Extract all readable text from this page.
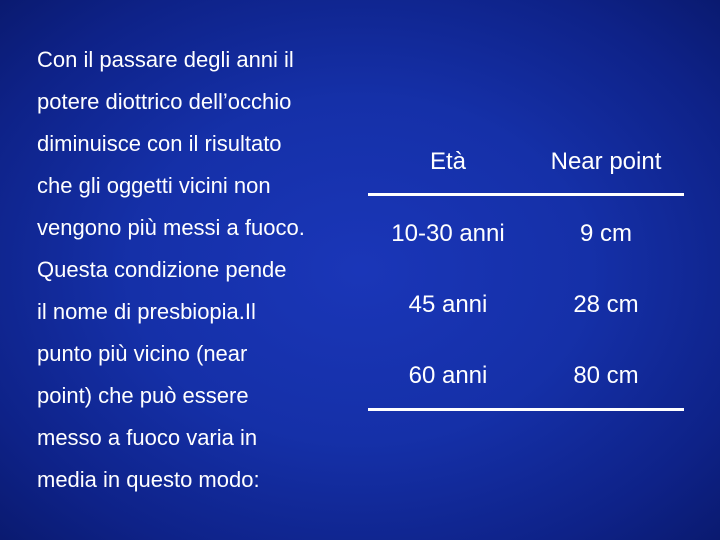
Con il passare degli anni il
potere diottrico dell’occhio
diminuisce con il risultato
che gli oggetti vicini non
vengono più messi a fuoco.
Questa condizione pende
il nome di presbiopia.Il
punto più vicino (near
point) che può essere
messo a fuoco varia in
media in questo modo:
Età	Near point
10-30 anni	9 cm
45 anni	28 cm
60 anni	80 cm
